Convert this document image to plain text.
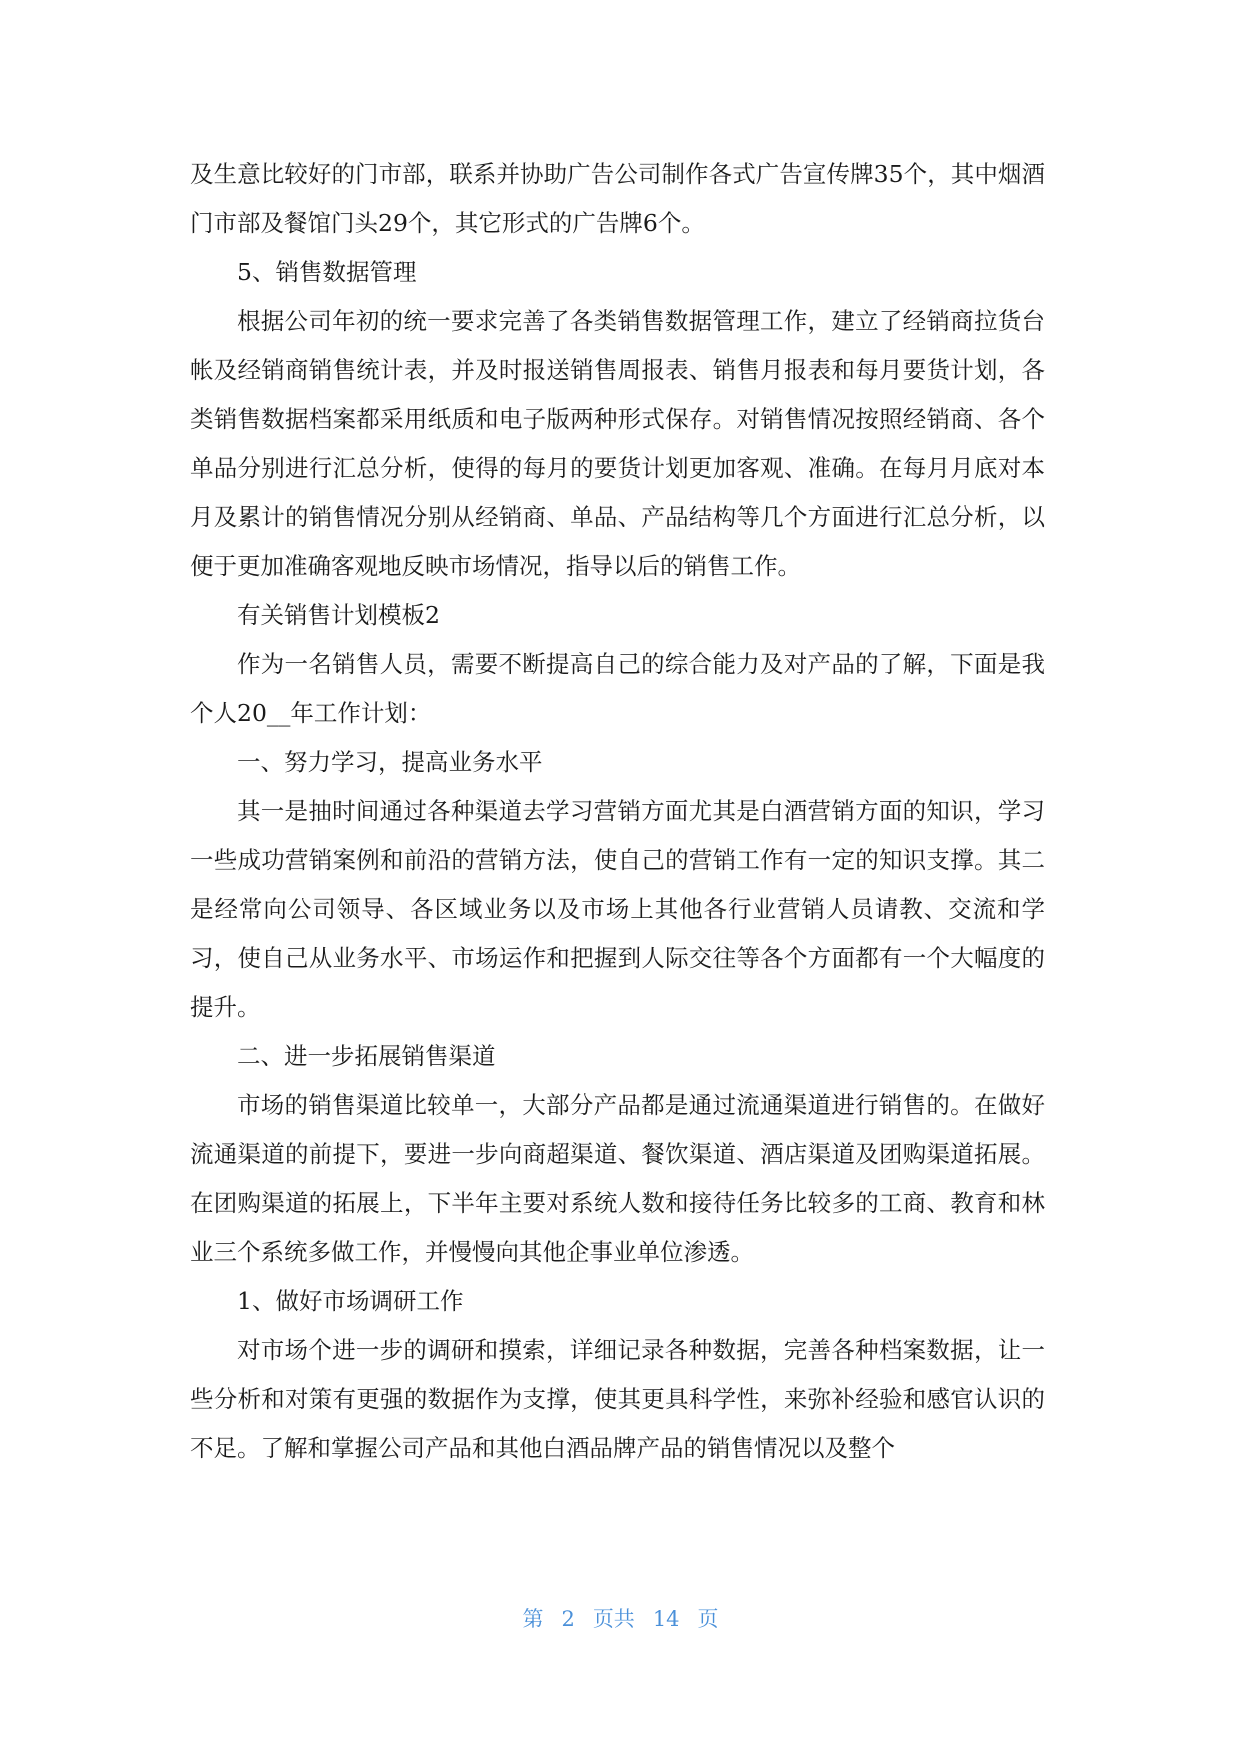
及生意比较好的门市部，联系并协助广告公司制作各式广告宣传牌35个，其中烟酒门市部及餐馆门头29个，其它形式的广告牌6个。

5、销售数据管理

根据公司年初的统一要求完善了各类销售数据管理工作，建立了经销商拉货台帐及经销商销售统计表，并及时报送销售周报表、销售月报表和每月要货计划，各类销售数据档案都采用纸质和电子版两种形式保存。对销售情况按照经销商、各个单品分别进行汇总分析，使得的每月的要货计划更加客观、准确。在每月月底对本月及累计的销售情况分别从经销商、单品、产品结构等几个方面进行汇总分析，以便于更加准确客观地反映市场情况，指导以后的销售工作。

有关销售计划模板2

作为一名销售人员，需要不断提高自己的综合能力及对产品的了解，下面是我个人20__年工作计划：

一、努力学习，提高业务水平

其一是抽时间通过各种渠道去学习营销方面尤其是白酒营销方面的知识，学习一些成功营销案例和前沿的营销方法，使自己的营销工作有一定的知识支撑。其二是经常向公司领导、各区域业务以及市场上其他各行业营销人员请教、交流和学习，使自己从业务水平、市场运作和把握到人际交往等各个方面都有一个大幅度的提升。

二、进一步拓展销售渠道

市场的销售渠道比较单一，大部分产品都是通过流通渠道进行销售的。在做好流通渠道的前提下，要进一步向商超渠道、餐饮渠道、酒店渠道及团购渠道拓展。在团购渠道的拓展上，下半年主要对系统人数和接待任务比较多的工商、教育和林业三个系统多做工作，并慢慢向其他企事业单位渗透。

1、做好市场调研工作

对市场个进一步的调研和摸索，详细记录各种数据，完善各种档案数据，让一些分析和对策有更强的数据作为支撑，使其更具科学性，来弥补经验和感官认识的不足。了解和掌握公司产品和其他白酒品牌产品的销售情况以及整个

第 2 页共 14 页
